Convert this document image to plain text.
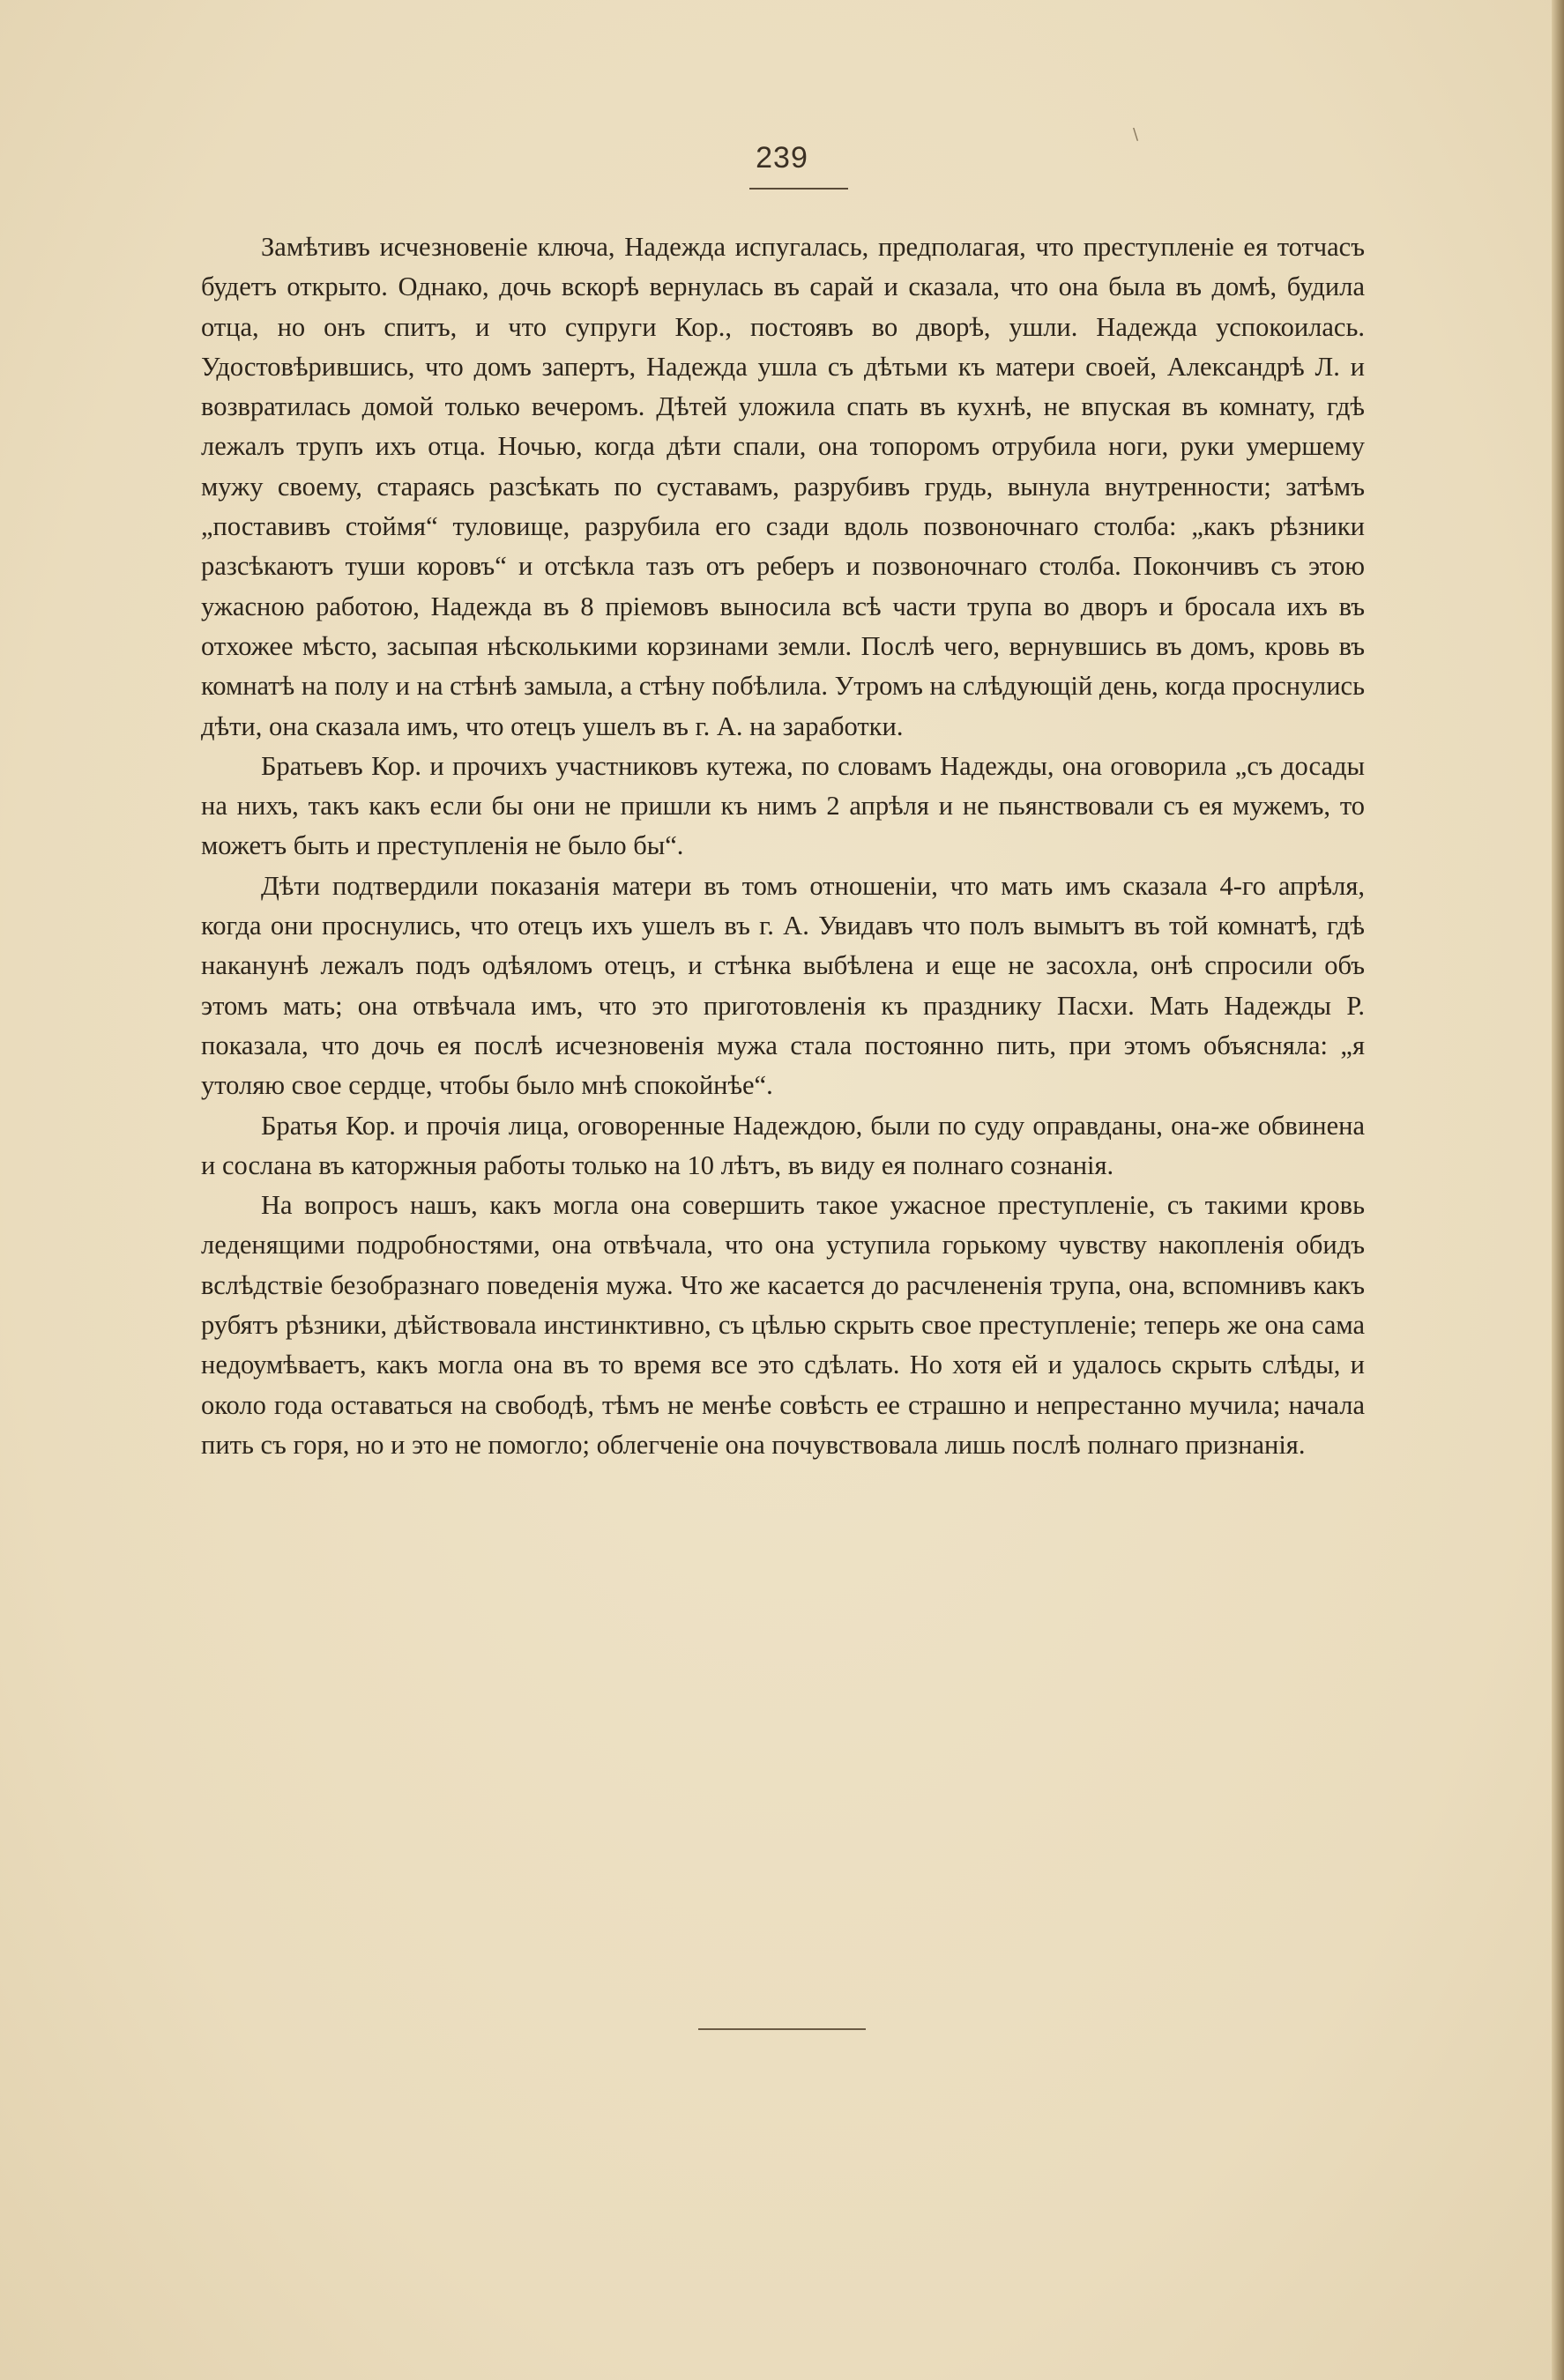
\
239

Замѣтивъ исчезновеніе ключа, Надежда испугалась, предполагая, что преступленіе ея тотчасъ будетъ открыто. Однако, дочь вскорѣ вернулась въ сарай и сказала, что она была въ домѣ, будила отца, но онъ спитъ, и что супруги Кор., постоявъ во дворѣ, ушли. Надежда успокоилась. Удостовѣрившись, что домъ запертъ, Надежда ушла съ дѣтьми къ матери своей, Александрѣ Л. и возвратилась домой только вечеромъ. Дѣтей уложила спать въ кухнѣ, не впуская въ комнату, гдѣ лежалъ трупъ ихъ отца. Ночью, когда дѣти спали, она топоромъ отрубила ноги, руки умершему мужу своему, стараясь разсѣкать по суставамъ, разрубивъ грудь, вынула внутренности; затѣмъ „поставивъ стоймя“ туловище, разрубила его сзади вдоль позвоночнаго столба: „какъ рѣзники разсѣкаютъ туши коровъ“ и отсѣкла тазъ отъ реберъ и позвоночнаго столба. Покончивъ съ этою ужасною работою, Надежда въ 8 пріемовъ выносила всѣ части трупа во дворъ и бросала ихъ въ отхожее мѣсто, засыпая нѣсколькими корзинами земли. Послѣ чего, вернувшись въ домъ, кровь въ комнатѣ на полу и на стѣнѣ замыла, а стѣну побѣлила. Утромъ на слѣдующій день, когда проснулись дѣти, она сказала имъ, что отецъ ушелъ въ г. А. на заработки.

Братьевъ Кор. и прочихъ участниковъ кутежа, по словамъ Надежды, она оговорила „съ досады на нихъ, такъ какъ если бы они не пришли къ нимъ 2 апрѣля и не пьянствовали съ ея мужемъ, то можетъ быть и преступленія не было бы“.

Дѣти подтвердили показанія матери въ томъ отношеніи, что мать имъ сказала 4-го апрѣля, когда они проснулись, что отецъ ихъ ушелъ въ г. А. Увидавъ что полъ вымытъ въ той комнатѣ, гдѣ наканунѣ лежалъ подъ одѣяломъ отецъ, и стѣнка выбѣлена и еще не засохла, онѣ спросили объ этомъ мать; она отвѣчала имъ, что это приготовленія къ празднику Пасхи. Мать Надежды Р. показала, что дочь ея послѣ исчезновенія мужа стала постоянно пить, при этомъ объясняла: „я утоляю свое сердце, чтобы было мнѣ спокойнѣе“.

Братья Кор. и прочія лица, оговоренные Надеждою, были по суду оправданы, она-же обвинена и сослана въ каторжныя работы только на 10 лѣтъ, въ виду ея полнаго сознанія.

На вопросъ нашъ, какъ могла она совершить такое ужасное преступленіе, съ такими кровь леденящими подробностями, она отвѣчала, что она уступила горькому чувству накопленія обидъ вслѣдствіе безобразнаго поведенія мужа. Что же касается до расчлененія трупа, она, вспомнивъ какъ рубятъ рѣзники, дѣйствовала инстинктивно, съ цѣлью скрыть свое преступленіе; теперь же она сама недоумѣваетъ, какъ могла она въ то время все это сдѣлать. Но хотя ей и удалось скрыть слѣды, и около года оставаться на свободѣ, тѣмъ не менѣе совѣсть ее страшно и непрестанно мучила; начала пить съ горя, но и это не помогло; облегченіе она почувствовала лишь послѣ полнаго признанія.
